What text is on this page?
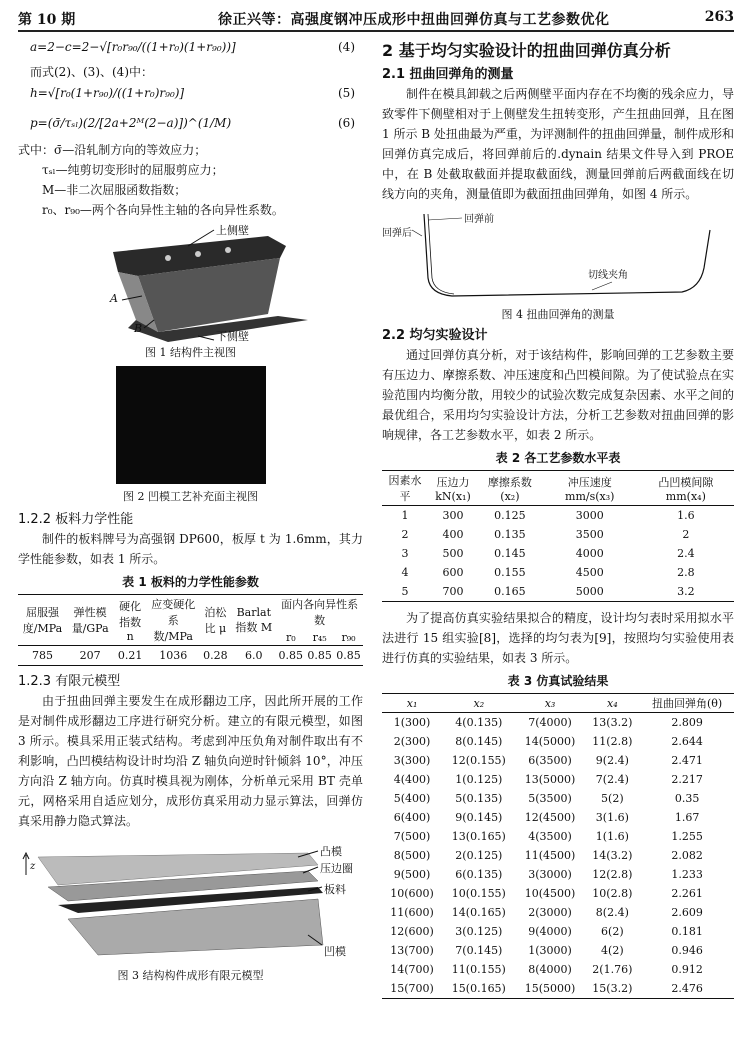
第 10 期	徐正兴等：高强度钢冲压成形中扭曲回弹仿真与工艺参数优化	263
a=2−c=2−√[r₀r₉₀/((1+r₀)(1+r₉₀))]	(4)

而式(2)、(3)、(4)中：

h=√[r₀(1+r₉₀)/((1+r₀)r₉₀)]	(5)
p=(σ̄/τₛₗ)(2/[2a+2ᴹ(2−a)])^(1/M)	(6)

式中：σ̄—沿轧制方向的等效应力；

τₛₗ—纯剪切变形时的屈服剪应力；

M—非二次屈服函数指数；

r₀、r₉₀—两个各向异性主轴的各向异性系数。

上侧壁
A
B
下侧壁

图 1 结构件主视图

图 2 凹模工艺补充面主视图

1.2.2 板料力学性能

制件的板料牌号为高强钢 DP600，板厚 t 为 1.6mm，其力学性能参数，如表 1 所示。

表 1 板料的力学性能参数

屈服强度/MPa	弹性模量/GPa	硬化指数 n	应变硬化系数/MPa	泊松比 μ	Barlat 指数 M	面内各向异性系数		
						r₀	r₄₅	r₉₀
785	207	0.21	1036	0.28	6.0	0.85	0.85	0.85

1.2.3 有限元模型

由于扭曲回弹主要发生在成形翻边工序，因此所开展的工作是对制件成形翻边工序进行研究分析。建立的有限元模型，如图 3 所示。模具采用正装式结构。考虑到冲压负角对制件取出有不利影响，凸凹模结构设计时均沿 Z 轴负向逆时针倾斜 10°，冲压方向沿 Z 轴方向。仿真时模具视为刚体，分析单元采用 BT 壳单元，网格采用自适应划分，成形仿真采用动力显示算法，回弹仿真采用静力隐式算法。

z
凸模
压边圈
板料
凹模

图 3 结构构件成形有限元模型

2 基于均匀实验设计的扭曲回弹仿真分析

2.1 扭曲回弹角的测量

制件在模具卸载之后两侧壁平面内存在不均衡的残余应力，导致零件下侧壁相对于上侧壁发生扭转变形，产生扭曲回弹，且在图 1 所示 B 处扭曲最为严重，为评测制件的扭曲回弹量，制件成形和回弹仿真完成后，将回弹前后的.dynain 结果文件导入到 PROE 中，在 B 处截取截面并提取截面线，测量回弹前后两截面线在切线方向的夹角，测量值即为截面扭曲回弹角，如图 4 所示。

回弹前
回弹后
切线夹角

图 4 扭曲回弹角的测量

2.2 均匀实验设计

通过回弹仿真分析，对于该结构件，影响回弹的工艺参数主要有压边力、摩擦系数、冲压速度和凸凹模间隙。为了使试验点在实验范围内均衡分散，用较少的试验次数完成复杂因素、水平之间的最优组合，采用均匀实验设计方法，分析工艺参数对扭曲回弹的影响规律，各工艺参数水平，如表 2 所示。

表 2 各工艺参数水平表

因素水平	压边力 kN(x₁)	摩擦系数(x₂)	冲压速度 mm/s(x₃)	凸凹模间隙 mm(x₄)
1	300	0.125	3000	1.6
2	400	0.135	3500	2
3	500	0.145	4000	2.4
4	600	0.155	4500	2.8
5	700	0.165	5000	3.2

为了提高仿真实验结果拟合的精度，设计均匀表时采用拟水平法进行 15 组实验[8]，选择的均匀表为[9]，按照均匀实验使用表进行仿真的实验结果，如表 3 所示。

表 3 仿真试验结果

x₁	x₂	x₃	x₄	扭曲回弹角(θ)
1(300)	4(0.135)	7(4000)	13(3.2)	2.809
2(300)	8(0.145)	14(5000)	11(2.8)	2.644
3(300)	12(0.155)	6(3500)	9(2.4)	2.471
4(400)	1(0.125)	13(5000)	7(2.4)	2.217
5(400)	5(0.135)	5(3500)	5(2)	0.35
6(400)	9(0.145)	12(4500)	3(1.6)	1.67
7(500)	13(0.165)	4(3500)	1(1.6)	1.255
8(500)	2(0.125)	11(4500)	14(3.2)	2.082
9(500)	6(0.135)	3(3000)	12(2.8)	1.233
10(600)	10(0.155)	10(4500)	10(2.8)	2.261
11(600)	14(0.165)	2(3000)	8(2.4)	2.609
12(600)	3(0.125)	9(4000)	6(2)	0.181
13(700)	7(0.145)	1(3000)	4(2)	0.946
14(700)	11(0.155)	8(4000)	2(1.76)	0.912
15(700)	15(0.165)	15(5000)	15(3.2)	2.476
